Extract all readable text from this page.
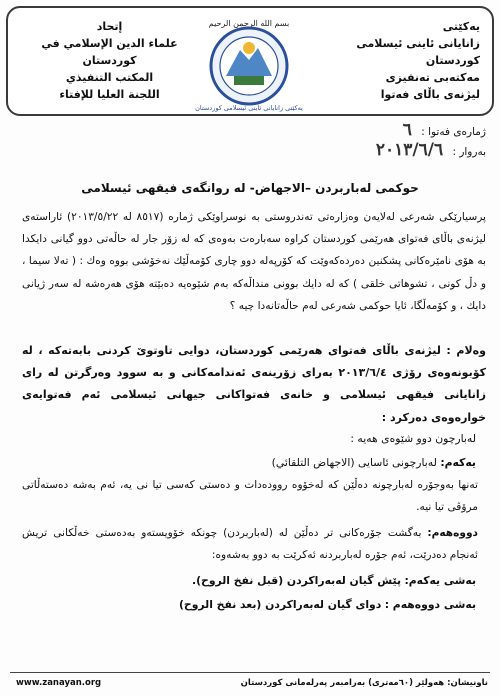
إتحاد
علماء الدين الإسلامي في كوردستان
المكتب التنفيذي
اللجنة العليا للإفتاء
بسم الله الرحمن الرحیم
یەكێتی زانایانی ئاینی ئیسلامی كوردستان
يەكێتی
زانایانی ئاینی ئیسلامی كوردستان
مەكتەبی تەنفیزی
لیژنەی باڵای فەتوا
ژمارەی فەتوا : ٦
بەروار : ٢٠١٣/٦/٦
حوكمی لەباربردن –الاجهاض- لە روانگەی فیقهی ئیسلامی
پرسیارێكی شەرعی لەلایەن وەزارەتی تەندروستی بە نوسراوێكی ژمارە (٨٥١٧ لە ٢٠١٣/٥/٢٢) ئاراستەی لیژنەی باڵای فەتوای هەرێمی كوردستان كراوە سەبارەت بەوەی كە لە زۆر جار لە حاڵەتی دوو گیانی دایكدا بە هۆی نامێرەكانی پشكنین دەردەكەوێت كە كۆرپەلە دوو چاری كۆمەڵێك نەخۆشی بووە وەك : ( تەلا سیما ، و دڵ كونی ، تشوهاتی خلقی ) كە لە دایك بوونی منداڵەكە بەم شێوەیە دەبێتە هۆی هەرەشە لە سەر ژیانی دایك ، و كۆمەڵگا، ئایا حوكمی شەرعی لەم حاڵەتانەدا چیە ؟
وەلام : لیژنەی باڵای فەتوای هەرێمی كوردستان، دوایی تاوتوێ كردنی بابەتەكە ، لە كۆبونەوەی رۆژی ٢٠١٣/٦/٤ بەرای زۆرینەی ئەندامەكانی و بە سوود وەرگرتن لە رای زانایانی فیقهی ئیسلامی و خانەی فەتواكانی جیهانی ئیسلامی ئەم فەتوایەی خوارەوەی دەركرد :
لەبارچون دوو شێوەی هەیە :
یەكەم: لەبارچونی ئاسایی (الاجهاض التلقائي)
تەنها بەوجۆرە لەبارچونە دەڵێن كە لەخۆوە روودەدات و دەستی كەسی تیا نی یە، ئەم بەشە دەستەڵاتی مرۆڤی تیا نیە.
دووەهەم: بەگشت جۆرەكانی تر دەڵێن لە (لەباربردن) چونكە خۆویستەو بەدەستی خەڵكانی تریش ئەنجام دەدرێت، ئەم جۆرە لەباربردنە ئەكرێت بە دوو بەشەوە:
بەشی یەكەم: پێش گیان لەبەراكردن (قبل نفخ الروح).
بەشی دووەهەم : دوای گیان لەبەراكردن (بعد نفخ الروح)
www.zanayan.org	ناونیشان: هەولێر (٦٠مەتری) بەرامبەر پەرلەمانی كوردستان
